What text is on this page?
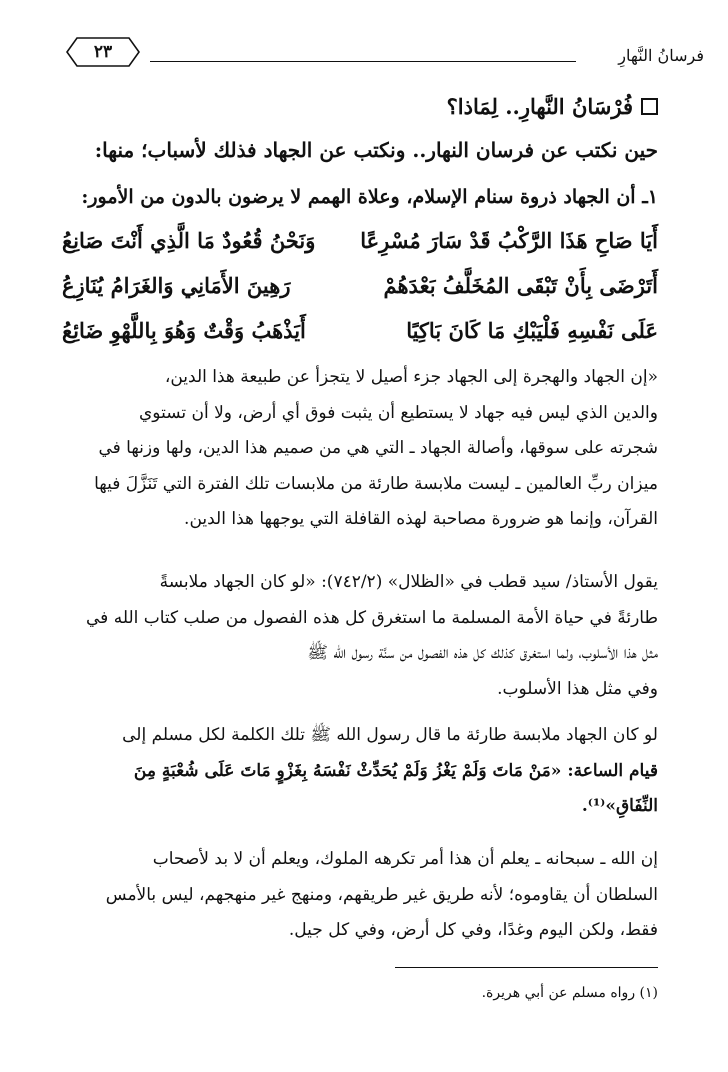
فرسانُ النَّهارِ
٢٣
فُرْسَانُ النَّهارِ.. لِمَاذا؟
حين نكتب عن فرسان النهار.. ونكتب عن الجهاد فذلك لأسباب؛ منها:
١ـ أن الجهاد ذروة سنام الإسلام، وعلاة الهمم لا يرضون بالدون من الأمور:
أَيَا صَاحِ هَذَا الرَّكْبُ قَدْ سَارَ مُسْرِعًا
وَنَحْنُ قُعُودٌ مَا الَّذِي أَنْتَ صَانِعُ
أَتَرْضَى بِأَنْ تَبْقَى المُخَلَّفُ بَعْدَهُمْ
رَهِينَ الأَمَانِي وَالغَرَامُ يُنَازِعُ
عَلَى نَفْسِهِ فَلْيَبْكِ مَا كَانَ بَاكِيًا
أَيَذْهَبُ وَقْتٌ وَهُوَ بِاللَّهْوِ ضَائِعُ
«إن الجهاد والهجرة إلى الجهاد جزء أصيل لا يتجزأ عن طبيعة هذا الدين،
والدين الذي ليس فيه جهاد لا يستطيع أن يثبت فوق أي أرض، ولا أن تستوي
شجرته على سوقها، وأصالة الجهاد ـ التي هي من صميم هذا الدين، ولها وزنها في
ميزان ربِّ العالمين ـ ليست ملابسة طارئة من ملابسات تلك الفترة التي تَنَزَّلَ فيها
القرآن، وإنما هو ضرورة مصاحبة لهذه القافلة التي يوجهها هذا الدين.
يقول الأستاذ/ سيد قطب في «الظلال» (٧٤٢/٢): «لو كان الجهاد ملابسةً
طارئةً في حياة الأمة المسلمة ما استغرق كل هذه الفصول من صلب كتاب الله في
مثل هذا الأسلوب، ولما استغرق كذلك كل هذه الفصول من سنَّة رسول الله ﷺ
وفي مثل هذا الأسلوب.
لو كان الجهاد ملابسة طارئة ما قال رسول الله ﷺ تلك الكلمة لكل مسلم إلى
قيام الساعة: «مَنْ مَاتَ وَلَمْ يَغْزُ وَلَمْ يُحَدِّثْ نَفْسَهُ بِغَزْوٍ مَاتَ عَلَى شُعْبَةٍ مِنَ
النِّفَاقِ»⁽¹⁾.
إن الله ـ سبحانه ـ يعلم أن هذا أمر تكرهه الملوك، ويعلم أن لا بد لأصحاب
السلطان أن يقاوموه؛ لأنه طريق غير طريقهم، ومنهج غير منهجهم، ليس بالأمس
فقط، ولكن اليوم وغدًا، وفي كل أرض، وفي كل جيل.
(١) رواه مسلم عن أبي هريرة.
